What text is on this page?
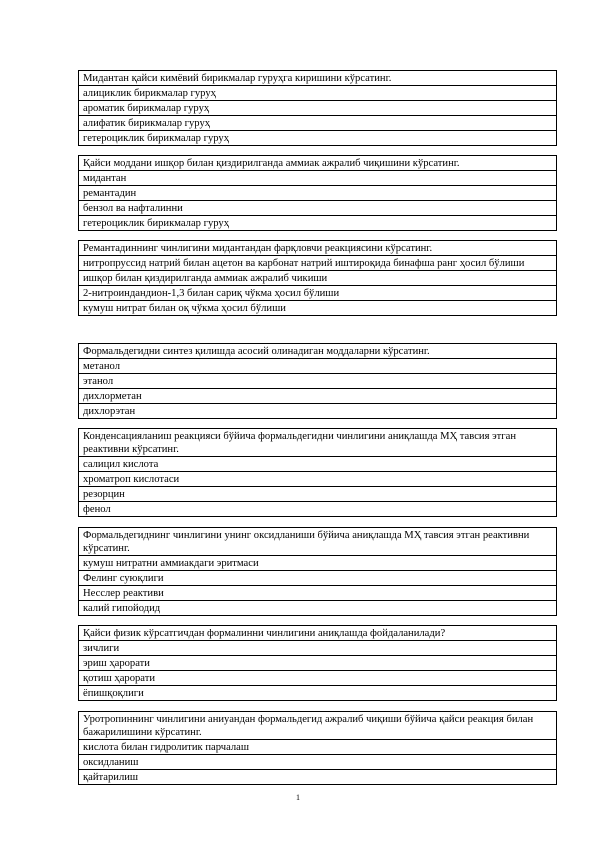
Мидантан қайси кимёвий бирикмалар гуруҳга киришини кўрсатинг.
алициклик бирикмалар гуруҳ
ароматик бирикмалар гуруҳ
алифатик бирикмалар гуруҳ
гетероциклик бирикмалар гуруҳ
Қайси моддани ишқор билан қиздирилганда аммиак ажралиб чиқишини кўрсатинг.
мидантан
ремантадин
бензол ва нафталинни
гетероциклик бирикмалар гуруҳ
Ремантадиннинг чинлигини мидантандан фарқловчи реакциясини кўрсатинг.
нитропруссид натрий билан ацетон ва карбонат натрий иштироқида бинафша ранг ҳосил бўлиши
ишқор билан қиздирилганда аммиак ажралиб чикиши
2-нитроиндандион-1,3 билан сариқ чўкма ҳосил бўлиши
кумуш нитрат билан оқ чўкма ҳосил бўлиши
Формальдегидни синтез қилишда асосий олинадиган моддаларни кўрсатинг.
метанол
этанол
дихлорметан
дихлорэтан
Конденсацияланиш реакцияси бўйича формальдегидни чинлигини аниқлашда МҲ тавсия этган реактивни кўрсатинг.
салицил кислота
хроматроп кислотаси
резорцин
фенол
Формальдегиднинг чинлигини унинг оксидланиши бўйича аниқлашда МҲ тавсия этган реактивни кўрсатинг.
кумуш нитратни аммиакдаги эритмаси
Фелинг суюқлиги
Несслер реактиви
калий гипойодид
Қайси физик кўрсатгичдан формалинни чинлигини аниқлашда фойдаланилади?
зичлиги
эриш ҳарорати
қотиш ҳарорати
ёпишқоқлиги
Уротропиннинг чинлигини аниуандан формальдегид ажралиб чиқиши бўйича қайси реакция билан бажарилишини кўрсатинг.
кислота билан гидролитик парчалаш
оксидланиш
қайтарилиш
1
